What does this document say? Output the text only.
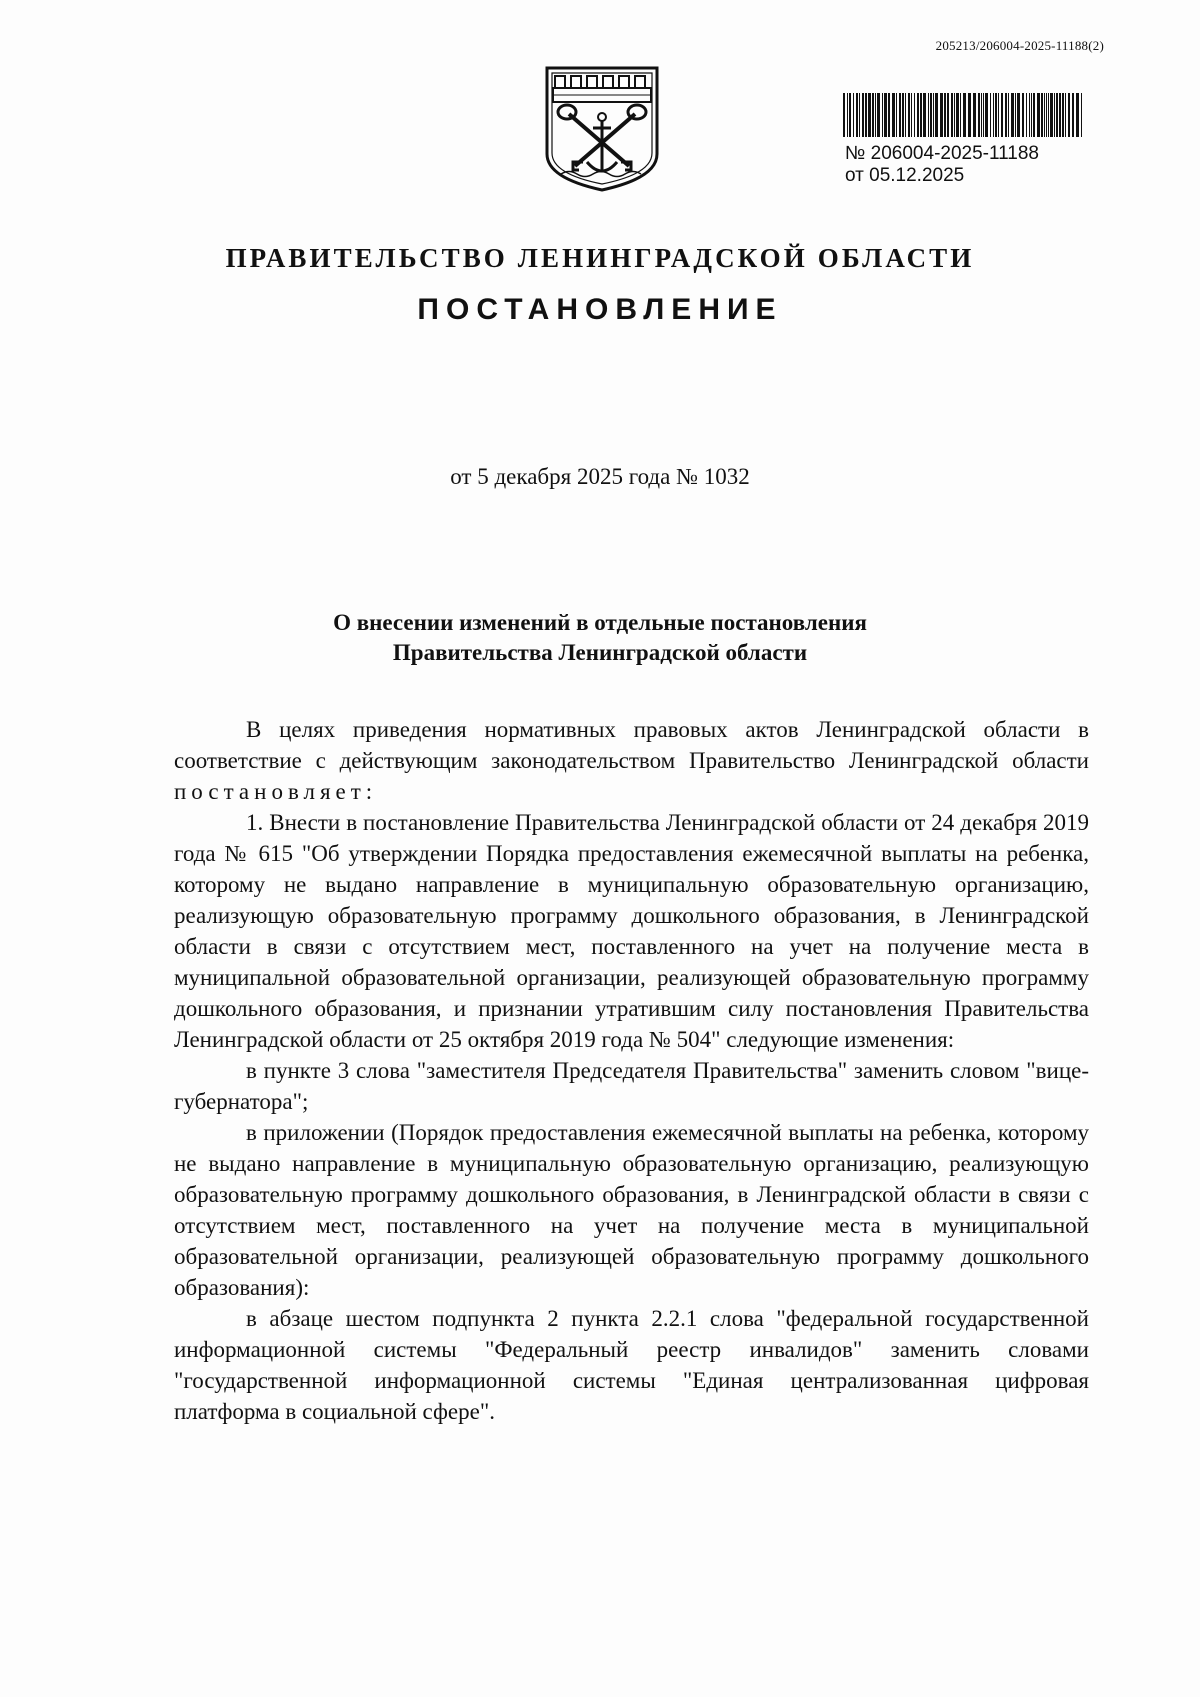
205213/206004-2025-11188(2)
№ 206004-2025-11188
от 05.12.2025
ПРАВИТЕЛЬСТВО ЛЕНИНГРАДСКОЙ ОБЛАСТИ
ПОСТАНОВЛЕНИЕ
от 5 декабря 2025 года № 1032
О внесении изменений в отдельные постановления
Правительства Ленинградской области

В целях приведения нормативных правовых актов Ленинградской области в соответствие с действующим законодательством Правительство Ленинградской области постановляет:

1. Внести в постановление Правительства Ленинградской области от 24 декабря 2019 года № 615 "Об утверждении Порядка предоставления ежемесячной выплаты на ребенка, которому не выдано направление в муниципальную образовательную организацию, реализующую образовательную программу дошкольного образования, в Ленинградской области в связи с отсутствием мест, поставленного на учет на получение места в муниципальной образовательной организации, реализующей образовательную программу дошкольного образования, и признании утратившим силу постановления Правительства Ленинградской области от 25 октября 2019 года № 504" следующие изменения:

в пункте 3 слова "заместителя Председателя Правительства" заменить словом "вице-губернатора";

в приложении (Порядок предоставления ежемесячной выплаты на ребенка, которому не выдано направление в муниципальную образовательную организацию, реализующую образовательную программу дошкольного образования, в Ленинградской области в связи с отсутствием мест, поставленного на учет на получение места в муниципальной образовательной организации, реализующей образовательную программу дошкольного образования):

в абзаце шестом подпункта 2 пункта 2.2.1 слова "федеральной государственной информационной системы "Федеральный реестр инвалидов" заменить словами "государственной информационной системы "Единая централизованная цифровая платформа в социальной сфере".
